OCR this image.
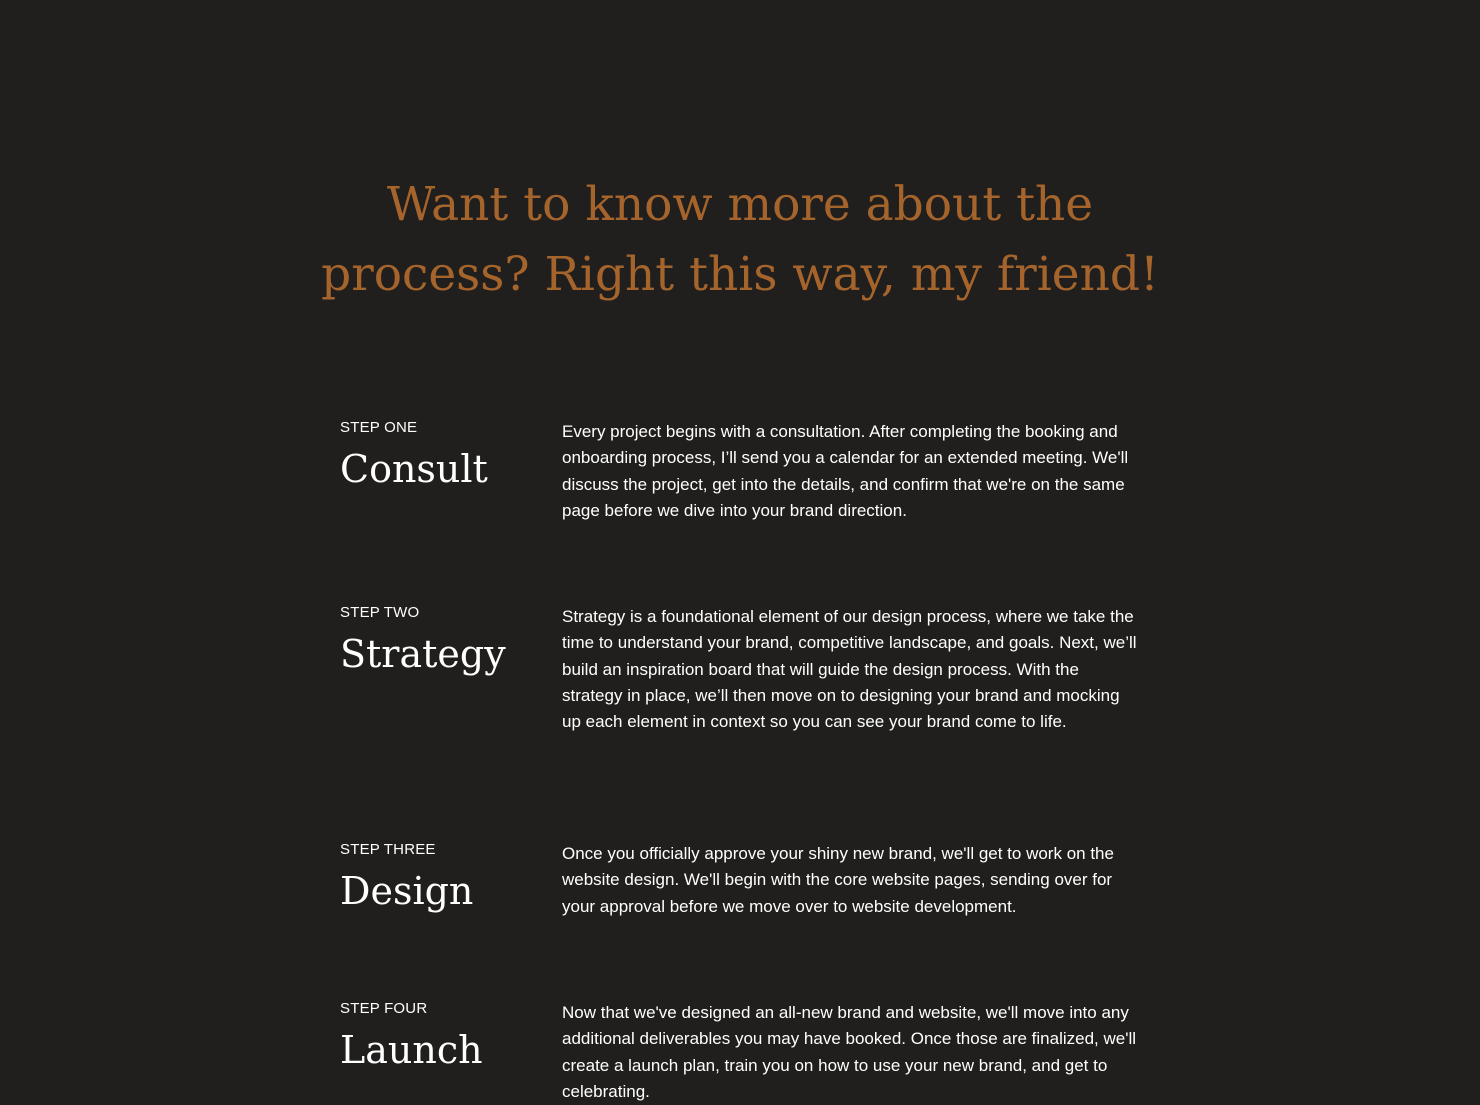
Want to know more about the process? Right this way, my friend!
STEP ONE
Consult

Every project begins with a consultation. After completing the booking and onboarding process, I’ll send you a calendar for an extended meeting. We'll discuss the project, get into the details, and confirm that we're on the same page before we dive into your brand direction.

STEP TWO
Strategy

Strategy is a foundational element of our design process, where we take the time to understand your brand, competitive landscape, and goals. Next, we’ll build an inspiration board that will guide the design process. With the strategy in place, we’ll then move on to designing your brand and mocking up each element in context so you can see your brand come to life.

STEP THREE
Design

Once you officially approve your shiny new brand, we'll get to work on the website design. We'll begin with the core website pages, sending over for your approval before we move over to website development.

STEP FOUR
Launch

Now that we've designed an all-new brand and website, we'll move into any additional deliverables you may have booked. Once those are finalized, we'll create a launch plan, train you on how to use your new brand, and get to celebrating.
